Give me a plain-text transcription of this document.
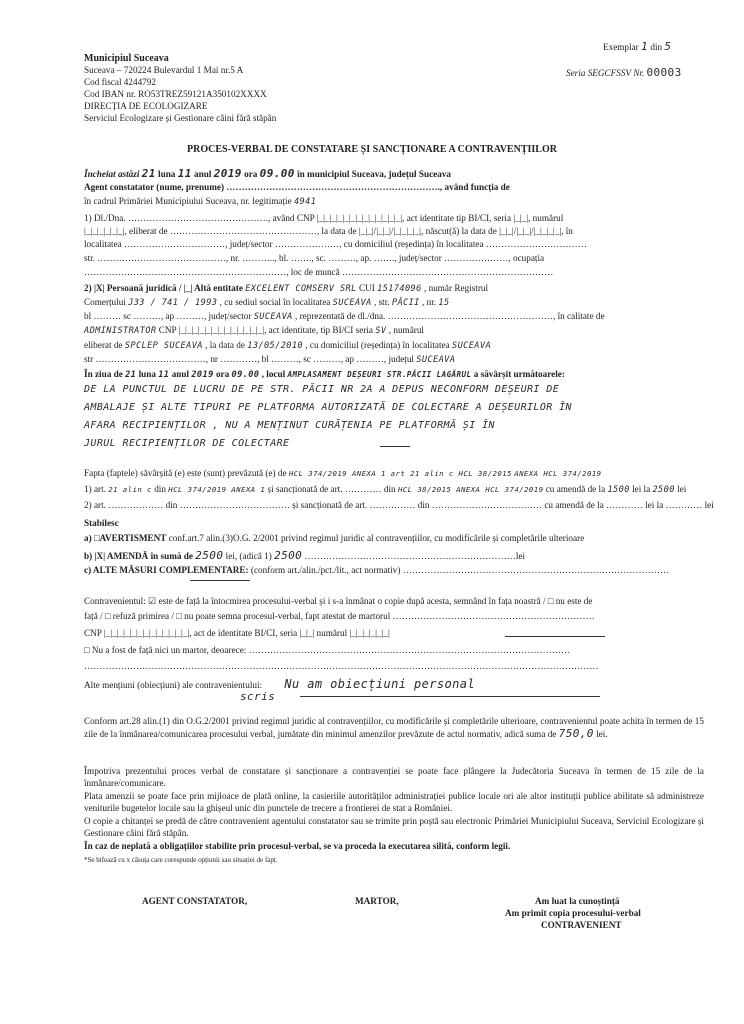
Municipiul Suceava
Suceava – 720224 Bulevardul 1 Mai nr.5 A
Cod fiscal 4244792
Cod IBAN nr. RO53TREZ59121A350102XXXX
DIRECȚIA DE ECOLOGIZARE
Serviciul Ecologizare și Gestionare câini fără stăpân
Exemplar 1 din 5
Seria SEGCFSSV Nr. 00003
PROCES-VERBAL DE CONSTATARE ȘI SANCȚIONARE A CONTRAVENȚIILOR
Încheiat astăzi 21 luna 11 anul 2019 ora 09.00 în municipiul Suceava, județul Suceava
Agent constatator (nume, prenume) ……………………………………………………………., având funcția de
în cadrul Primăriei Municipiului Suceava, nr. legitimație 4941
1) Dl./Dna. ………………………………………., având CNP |_|_|_|_|_|_|_|_|_|_|_|_|_|, act identitate tip BI/CI, seria |_|_|, numărul
|_|_|_|_|_|_|, eliberat de …………………………………………, la data de |_|_|/|_|_|/|_|_|_|_|, născut(ă) la data de |_|_|/|_|_|/|_|_|_|_|, în
localitatea ……………………………, județ/sector …………………, cu domiciliul (reședința) în localitatea ……………………………
str. ……………………………………, nr. ……….., bl. ……., sc. ………, ap. ……., județ/sector …………………, ocupația
…………………………………………………………, loc de muncă ……………………………………………………………
2) |X| Persoană juridică / |_| Altă entitate EXCELENT COMSERV SRL CUI 15174096 , număr Registrul
Comerțului J33 / 741 / 1993 , cu sediul social în localitatea SUCEAVA , str. PĂCII , nr. 15
bl ……… sc ………, ap ………, județ/sector SUCEAVA , reprezentată de dl./dna. ………………………………………………, în calitate de
ADMINISTRATOR CNP |_|_|_|_|_|_|_|_|_|_|_|_|_|, act identitate, tip BI/CI seria SV , numărul
eliberat de SPCLEP SUCEAVA , la data de 13/05/2010 , cu domiciliul (reședința) în localitatea SUCEAVA
str ………………………………, nr …………, bl ………, sc ………, ap ………, județul SUCEAVA
În ziua de 21 luna 11 anul 2019 ora 09.00 , locul AMPLASAMENT DEȘEURI STR.PĂCII LAGĂRUL a săvârșit următoarele:
DE LA PUNCTUL DE LUCRU DE PE STR. PĂCII NR 2A A DEPUS NECONFORM DEȘEURI DE
AMBALAJE ȘI ALTE TIPURI PE PLATFORMA AUTORIZATĂ DE COLECTARE A DEȘEURILOR ÎN
AFARA RECIPIENȚILOR , NU A MENȚINUT CURĂȚENIA PE PLATFORMĂ ȘI ÎN
JURUL RECIPIENȚILOR DE COLECTARE
Fapta (faptele) săvârșită (e) este (sunt) prevăzută (e) de HCL 374/2019 ANEXA 1 art 21 alin c HCL 38/2015 ANEXA HCL 374/2019
1) art. 21 alin c din HCL 374/2019 ANEXA 1 și sancționată de art. ………… din HCL 38/2015 ANEXA HCL 374/2019 cu amendă de la 1500 lei la 2500 lei
2) art. ……………… din ……………………………… și sancționată de art. …………… din ……………………………… cu amendă de la ………… lei la ………… lei
Stabilesc
a) □AVERTISMENT conf.art.7 alin.(3)O.G. 2/2001 privind regimul juridic al contravențiilor, cu modificările și completările ulterioare
b) |X| AMENDĂ în sumă de 2500 lei, (adică 1) 2500 ……………………………………………………………lei
c) ALTE MĂSURI COMPLEMENTARE: (conform art./alin./pct./lit., act normativ) ……………………………………………………………………………
Contravenientul: ☑ este de față la întocmirea procesului-verbal și i s-a înmânat o copie după acesta, semnând în fața noastră / □ nu este de
față / □ refuză primirea / □ nu poate semna procesul-verbal, fapt atestat de martorul …………………………………………………………
CNP |_|_|_|_|_|_|_|_|_|_|_|_|_|, act de identitate BI/CI, seria |_|_| numărul |_|_|_|_|_|_|
□ Nu a fost de față nici un martor, deoarece: ……………………………………………………………………………………………
……………………………………………………………………………………………………………………………………………………
Alte mențiuni (obiecțiuni) ale contravenientului: Nu am obiecțiuni personal
scris
Conform art.28 alin.(1) din O.G.2/2001 privind regimul juridic al contravențiilor, cu modificările și completările ulterioare, contravenientul poate achita în termen de 15 zile de la înmânarea/comunicarea procesului verbal, jumătate din minimul amenzilor prevăzute de actul normativ, adică suma de 750,0 lei.
Împotriva prezentului proces verbal de constatare și sancționare a contravenției se poate face plângere la Judecătoria Suceava în termen de 15 zile de la înmânare/comunicare.
Plata amenzii se poate face prin mijloace de plată online, la casieriile autorităților administrației publice locale ori ale altor instituții publice abilitate să administreze veniturile bugetelor locale sau la ghișeul unic din punctele de trecere a frontierei de stat a României.
O copie a chitanței se predă de către contravenient agentului constatator sau se trimite prin poștă sau electronic Primăriei Municipiului Suceava, Serviciul Ecologizare și Gestionare câini fără stăpân.
În caz de neplată a obligațiilor stabilite prin procesul-verbal, se va proceda la executarea silită, conform legii.
*Se bifează cu x căsuța care corespunde opțiunii sau situației de fapt.
AGENT CONSTATATOR,	MARTOR,	Am luat la cunoștință
Am primit copia procesului-verbal
CONTRAVENIENT
